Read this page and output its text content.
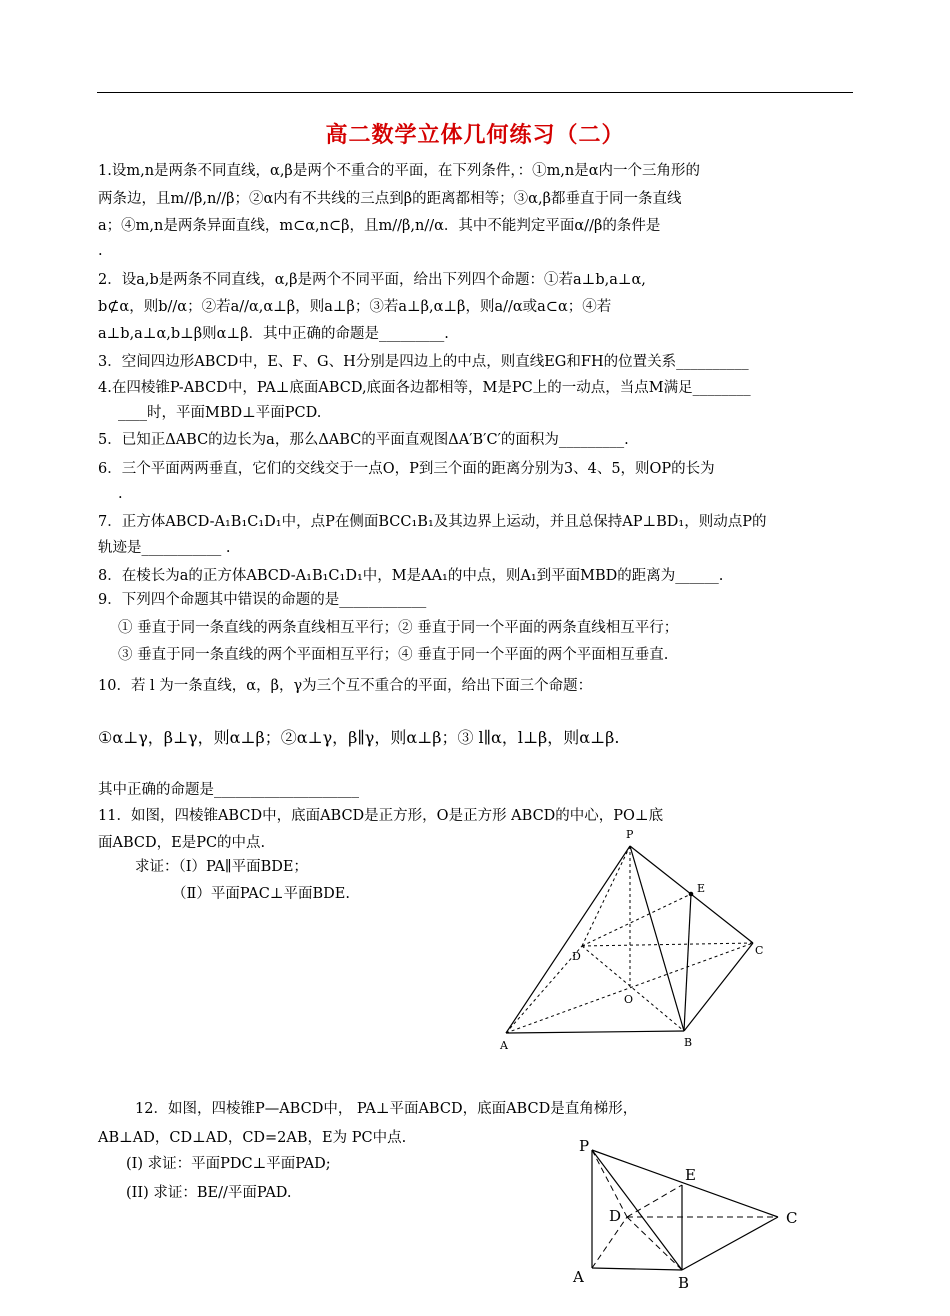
高二数学立体几何练习（二）
1.设m,n是两条不同直线，α,β是两个不重合的平面，在下列条件，：①m,n是α内一个三角形的
两条边，且m//β,n//β；②α内有不共线的三点到β的距离都相等；③α,β都垂直于同一条直线
a；④m,n是两条异面直线，m⊂α,n⊂β，且m//β,n//α．其中不能判定平面α//β的条件是
.
2．设a,b是两条不同直线，α,β是两个不同平面，给出下列四个命题：①若a⊥b,a⊥α,
b⊄α，则b//α；②若a//α,α⊥β，则a⊥β；③若a⊥β,α⊥β，则a//α或a⊂α；④若
a⊥b,a⊥α,b⊥β则α⊥β．其中正确的命题是_________.
3．空间四边形ABCD中，E、F、G、H分别是四边上的中点，则直线EG和FH的位置关系__________
4.在四棱锥P-ABCD中，PA⊥底面ABCD,底面各边都相等，M是PC上的一动点，当点M满足________
____时，平面MBD⊥平面PCD.
5．已知正ΔABC的边长为a，那么ΔABC的平面直观图ΔA′B′C′的面积为_________.
6．三个平面两两垂直，它们的交线交于一点O，P到三个面的距离分别为3、4、5，则OP的长为
.
7．正方体ABCD-A₁B₁C₁D₁中，点P在侧面BCC₁B₁及其边界上运动，并且总保持AP⊥BD₁，则动点P的
轨迹是___________ .
8．在棱长为a的正方体ABCD-A₁B₁C₁D₁中，M是AA₁的中点，则A₁到平面MBD的距离为______.
9．下列四个命题其中错误的命题的是____________
① 垂直于同一条直线的两条直线相互平行；② 垂直于同一个平面的两条直线相互平行；
③ 垂直于同一条直线的两个平面相互平行；④ 垂直于同一个平面的两个平面相互垂直.
10．若 l 为一条直线，α，β，γ为三个互不重合的平面，给出下面三个命题：
①α⊥γ，β⊥γ，则α⊥β；②α⊥γ，β∥γ，则α⊥β；③ l∥α，l⊥β，则α⊥β.
其中正确的命题是____________________
11．如图，四棱锥ABCD中，底面ABCD是正方形，O是正方形 ABCD的中心，PO⊥底
面ABCD，E是PC的中点.
求证：（Ⅰ）PA∥平面BDE；
（Ⅱ）平面PAC⊥平面BDE.
12．如图，四棱锥P—ABCD中， PA⊥平面ABCD，底面ABCD是直角梯形，
AB⊥AD，CD⊥AD，CD=2AB，E为 PC中点.
(I) 求证：平面PDC⊥平面PAD;
(II) 求证：BE//平面PAD.
P
E
D	C
O
A	B
P
E
D	C
A	B
